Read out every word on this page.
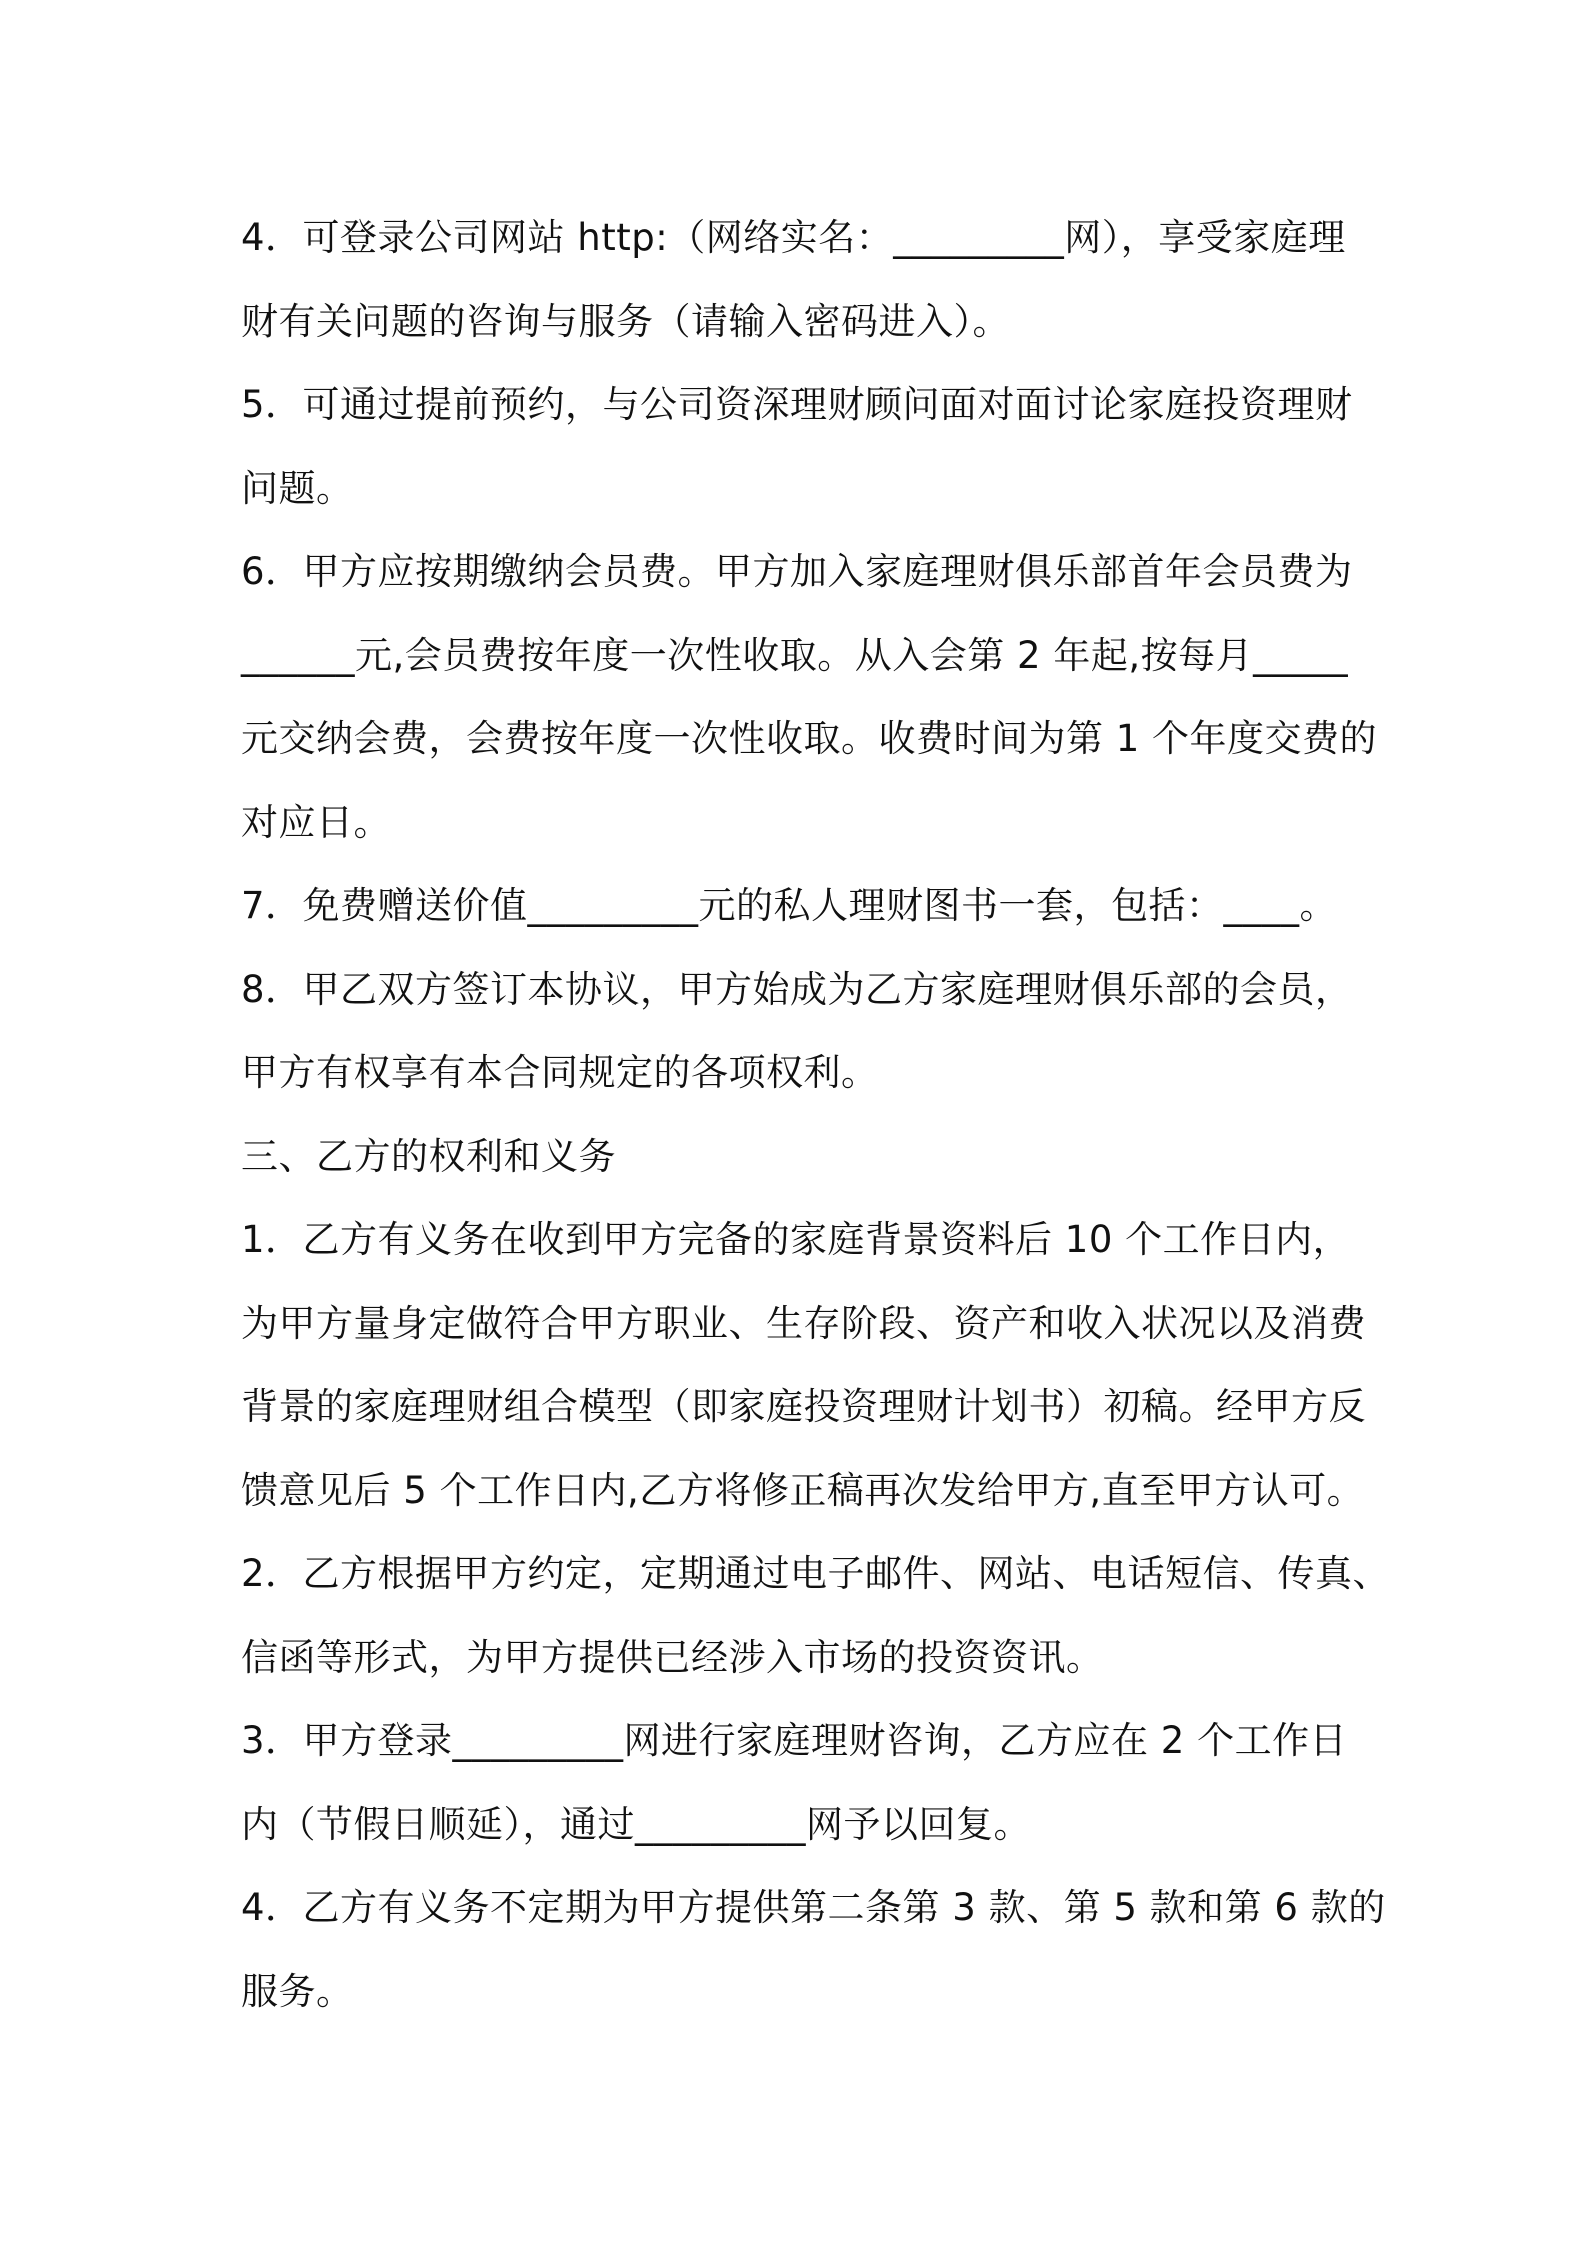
4．可登录公司网站 http:（网络实名：_________网），享受家庭理

财有关问题的咨询与服务（请输入密码进入）。

5．可通过提前预约，与公司资深理财顾问面对面讨论家庭投资理财

问题。

6．甲方应按期缴纳会员费。甲方加入家庭理财俱乐部首年会员费为

______元,会员费按年度一次性收取。从入会第 2 年起,按每月_____

元交纳会费，会费按年度一次性收取。收费时间为第 1 个年度交费的

对应日。

7．免费赠送价值_________元的私人理财图书一套，包括：____。

8．甲乙双方签订本协议，甲方始成为乙方家庭理财俱乐部的会员，

甲方有权享有本合同规定的各项权利。

三、乙方的权利和义务

1．乙方有义务在收到甲方完备的家庭背景资料后 10 个工作日内，

为甲方量身定做符合甲方职业、生存阶段、资产和收入状况以及消费

背景的家庭理财组合模型（即家庭投资理财计划书）初稿。经甲方反

馈意见后 5 个工作日内,乙方将修正稿再次发给甲方,直至甲方认可。

2．乙方根据甲方约定，定期通过电子邮件、网站、电话短信、传真、

信函等形式，为甲方提供已经涉入市场的投资资讯。

3．甲方登录_________网进行家庭理财咨询，乙方应在 2 个工作日

内（节假日顺延），通过_________网予以回复。

4．乙方有义务不定期为甲方提供第二条第 3 款、第 5 款和第 6 款的

服务。
